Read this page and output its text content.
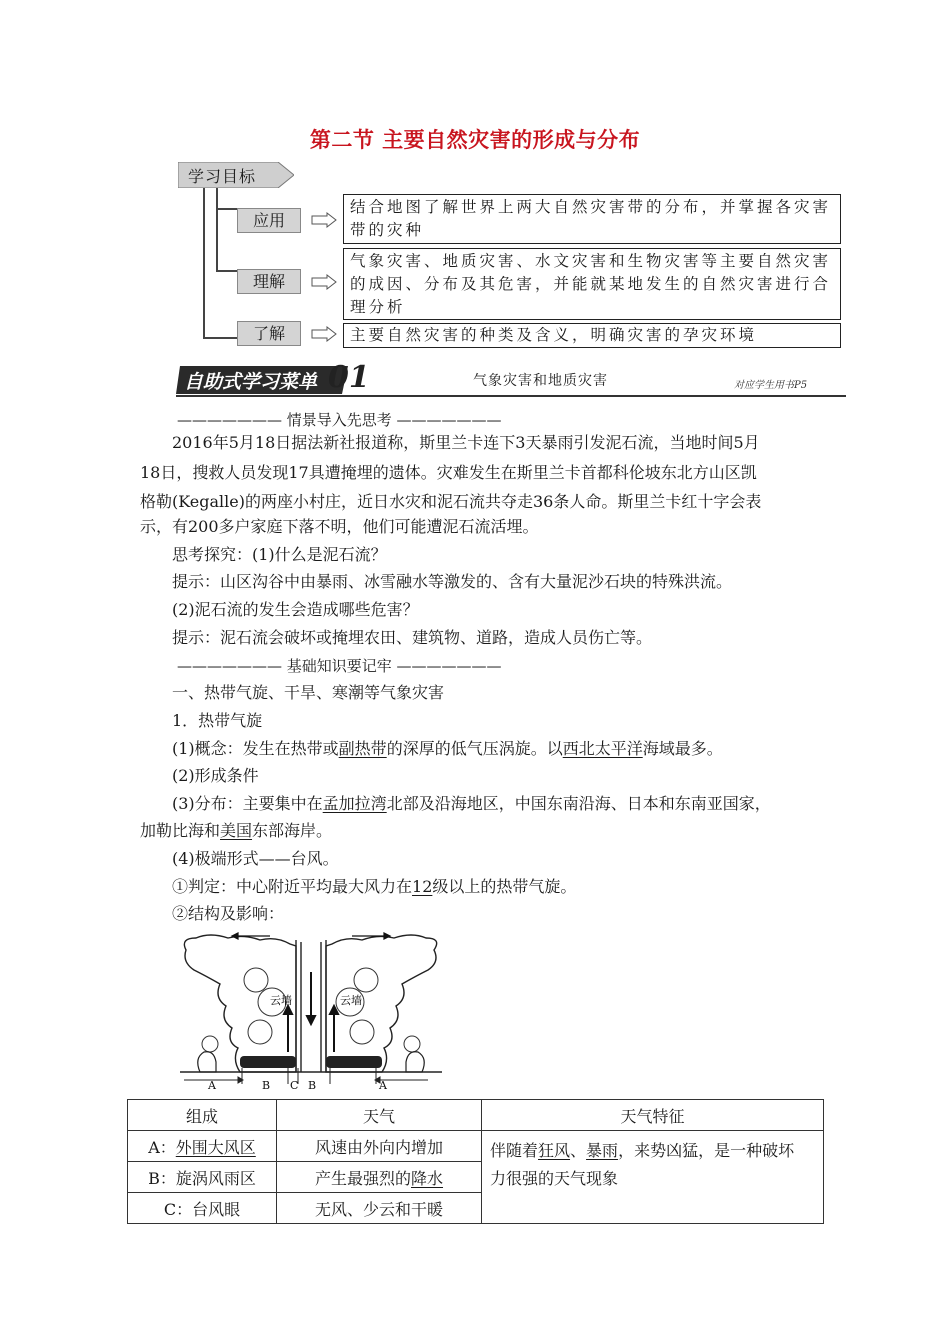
第二节 主要自然灾害的形成与分布
学习目标
应用
理解
了解
结合地图了解世界上两大自然灾害带的分布，并掌握各灾害带的灾种
气象灾害、地质灾害、水文灾害和生物灾害等主要自然灾害的成因、分布及其危害，并能就某地发生的自然灾害进行合理分析
主要自然灾害的种类及含义，明确灾害的孕灾环境
自助式学习菜单 01	气象灾害和地质灾害	对应学生用书P5
——————— 情景导入先思考 ———————
2016年5月18日据法新社报道称，斯里兰卡连下3天暴雨引发泥石流，当地时间5月
18日，搜救人员发现17具遭掩埋的遗体。灾难发生在斯里兰卡首都科伦坡东北方山区凯
格勒(Kegalle)的两座小村庄，近日水灾和泥石流共夺走36条人命。斯里兰卡红十字会表
示，有200多户家庭下落不明，他们可能遭泥石流活埋。
思考探究：(1)什么是泥石流？
提示：山区沟谷中由暴雨、冰雪融水等激发的、含有大量泥沙石块的特殊洪流。
(2)泥石流的发生会造成哪些危害？
提示：泥石流会破坏或掩埋农田、建筑物、道路，造成人员伤亡等。
——————— 基础知识要记牢 ———————
一、热带气旋、干旱、寒潮等气象灾害
1．热带气旋
(1)概念：发生在热带或副热带的深厚的低气压涡旋。以西北太平洋海域最多。
(2)形成条件
(3)分布：主要集中在孟加拉湾北部及沿海地区，中国东南沿海、日本和东南亚国家，
加勒比海和美国东部海岸。
(4)极端形式——台风。
①判定：中心附近平均最大风力在12级以上的热带气旋。
②结构及影响：
云墙	云墙
A	B C B	A
组成	天气	天气特征
A：外围大风区	风速由外向内增加	伴随着狂风、暴雨，来势凶猛，是一种破坏
力很强的天气现象
B：旋涡风雨区	产生最强烈的降水	
C：台风眼	无风、少云和干暖	
